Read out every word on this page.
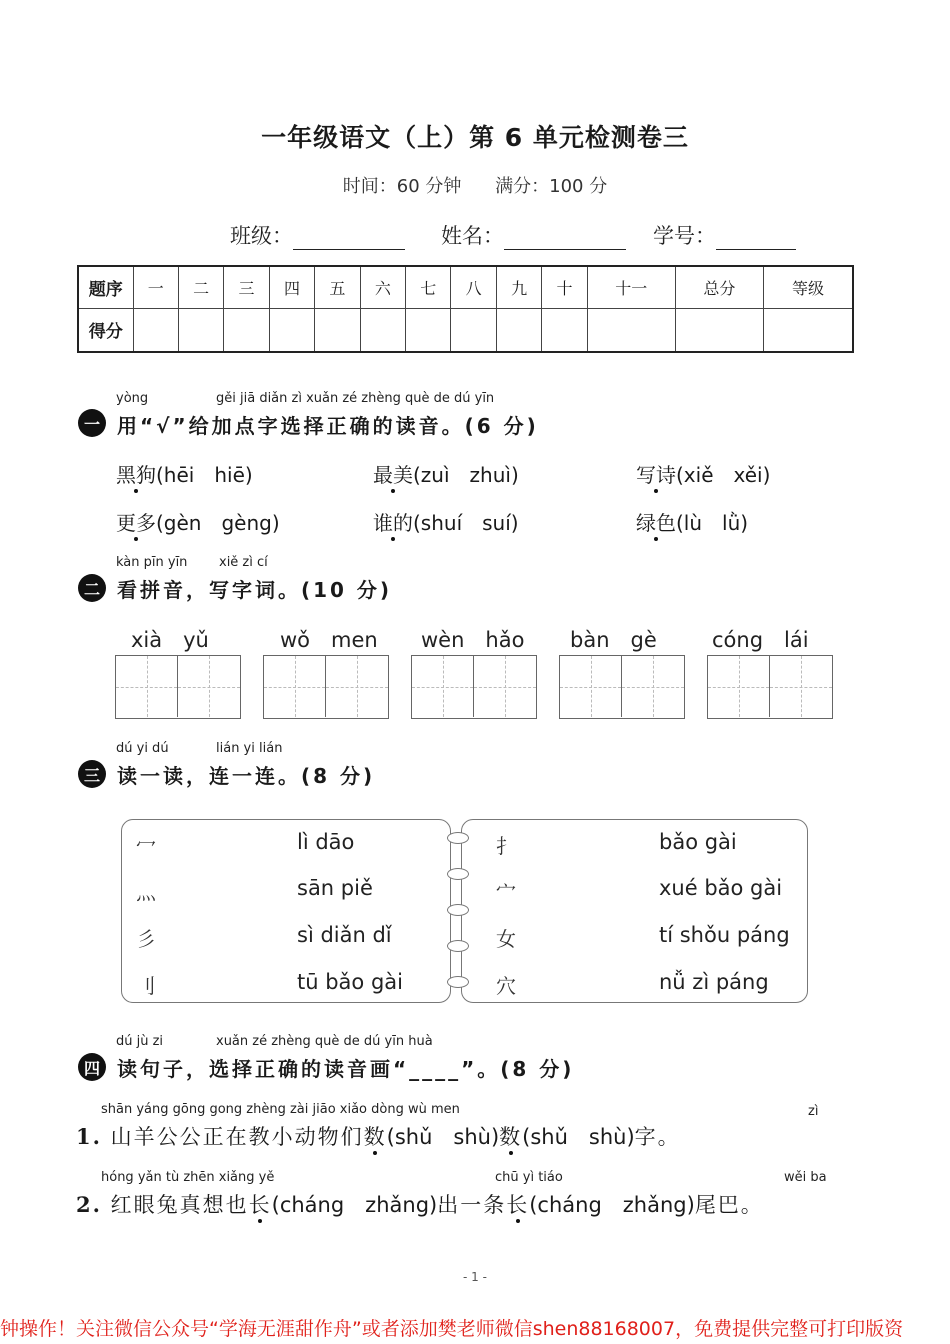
一年级语文（上）第 6 单元检测卷三
时间：60 分钟 满分：100 分
班级：	姓名：	学号：
题序	一	二	三	四	五	六	七	八	九	十	十一	总分	等级
得分													
yòng	gěi jiā diǎn zì xuǎn zé zhèng què de dú yīn
一 用“√”给加点字选择正确的读音。(6 分)
黑狗(hēi　hiē)	最美(zuì　zhuì)	写诗(xiě　xěi)
更多(gèn　gèng)	谁的(shuí　suí)	绿色(lù　lǜ)
kàn pīn yīn xiě zì cí
二 看拼音，写字词。(10 分)
xià　yǔ	wǒ　men wèn　hǎo bàn　gè	cóng　lái
dú yi dú	lián yi lián
三 读一读，连一连。(8 分)
冖
灬
彡
刂
lì dāo
sān piě
sì diǎn dǐ
tū bǎo gài
扌
宀
女
穴
bǎo gài
xué bǎo gài
tí shǒu páng
nǚ zì páng
dú jù zi	xuǎn zé zhèng què de dú yīn huà
四 读句子，选择正确的读音画“____”。(8 分)
shān yáng gōng gong zhèng zài jiāo xiǎo dòng wù men	zì
1. 山羊公公正在教小动物们数(shǔ　shù)数(shǔ　shù)字。
hóng yǎn tù zhēn xiǎng yě	chū yì tiáo	wěi ba
2. 红眼兔真想也长(cháng　zhǎng)出一条长(cháng　zhǎng)尾巴。
- 1 -
钟操作！关注微信公众号“学海无涯甜作舟”或者添加樊老师微信shen88168007，免费提供完整可打印版资
